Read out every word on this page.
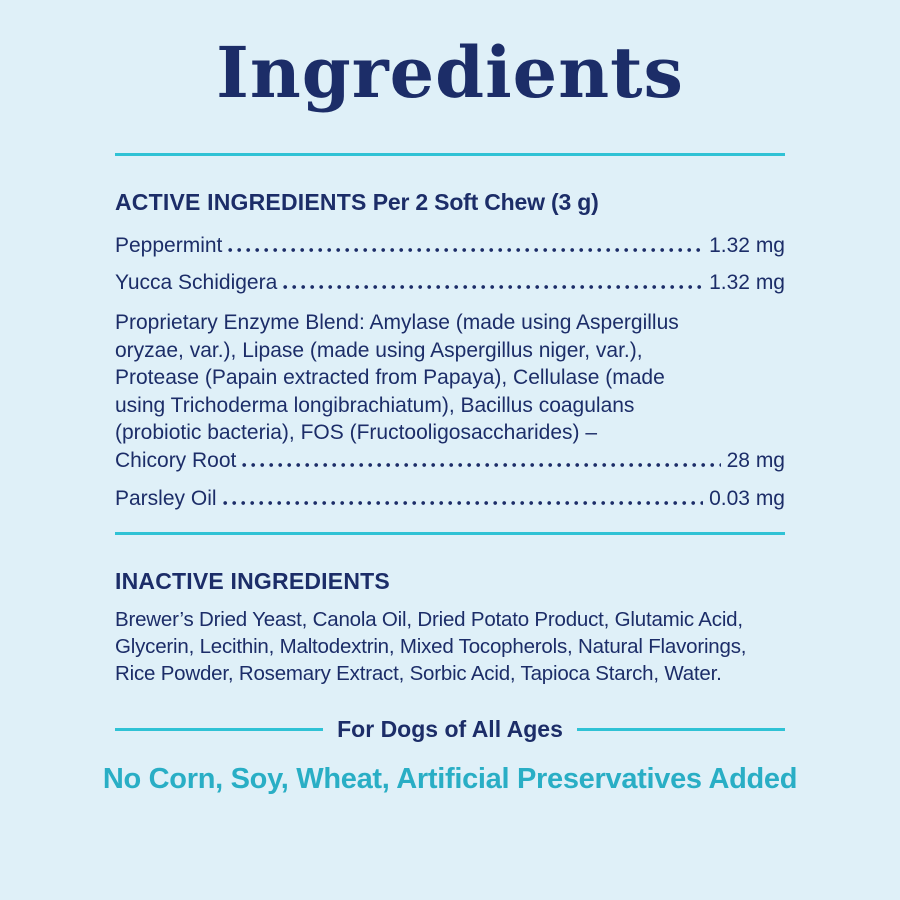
Ingredients
ACTIVE INGREDIENTS Per 2 Soft Chew (3 g)
Peppermint	1.32 mg
Yucca Schidigera	1.32 mg
Proprietary Enzyme Blend: Amylase (made using Aspergillus
oryzae, var.), Lipase (made using Aspergillus niger, var.),
Protease (Papain extracted from Papaya), Cellulase (made
using Trichoderma longibrachiatum), Bacillus coagulans
(probiotic bacteria), FOS (Fructooligosaccharides) –
Chicory Root	28 mg
Parsley Oil	0.03 mg
INACTIVE INGREDIENTS
Brewer’s Dried Yeast, Canola Oil, Dried Potato Product, Glutamic Acid,
Glycerin, Lecithin, Maltodextrin, Mixed Tocopherols, Natural Flavorings,
Rice Powder, Rosemary Extract, Sorbic Acid, Tapioca Starch, Water.
For Dogs of All Ages
No Corn, Soy, Wheat, Artificial Preservatives Added
